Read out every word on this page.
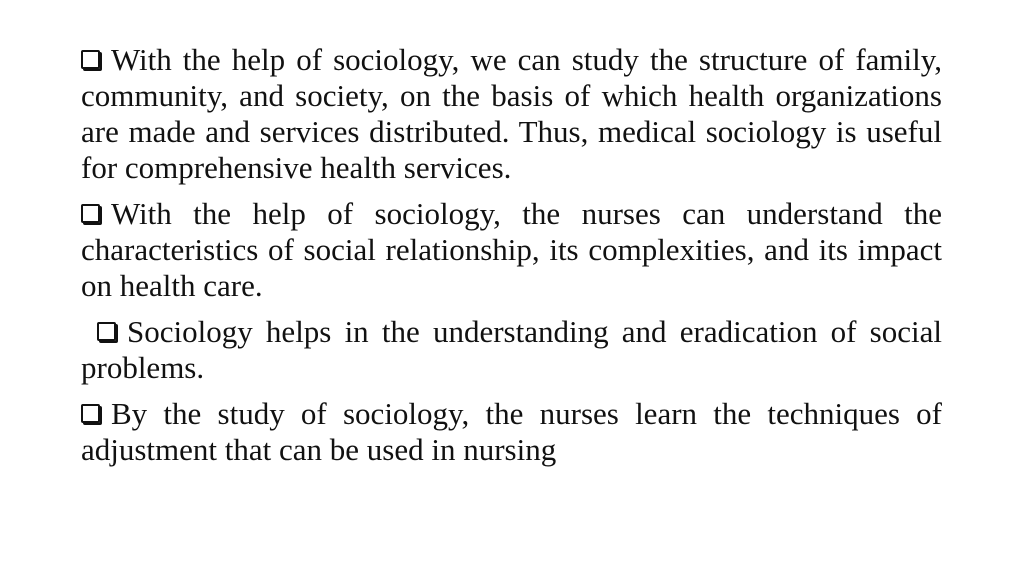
With the help of sociology, we can study the structure of family, community, and society, on the basis of which health organizations are made and services distributed. Thus, medical sociology is useful for comprehensive health services.

With the help of sociology, the nurses can understand the characteristics of social relationship, its complexities, and its impact on health care.

Sociology helps in the understanding and eradication of social problems.

By the study of sociology, the nurses learn the techniques of adjustment that can be used in nursing
